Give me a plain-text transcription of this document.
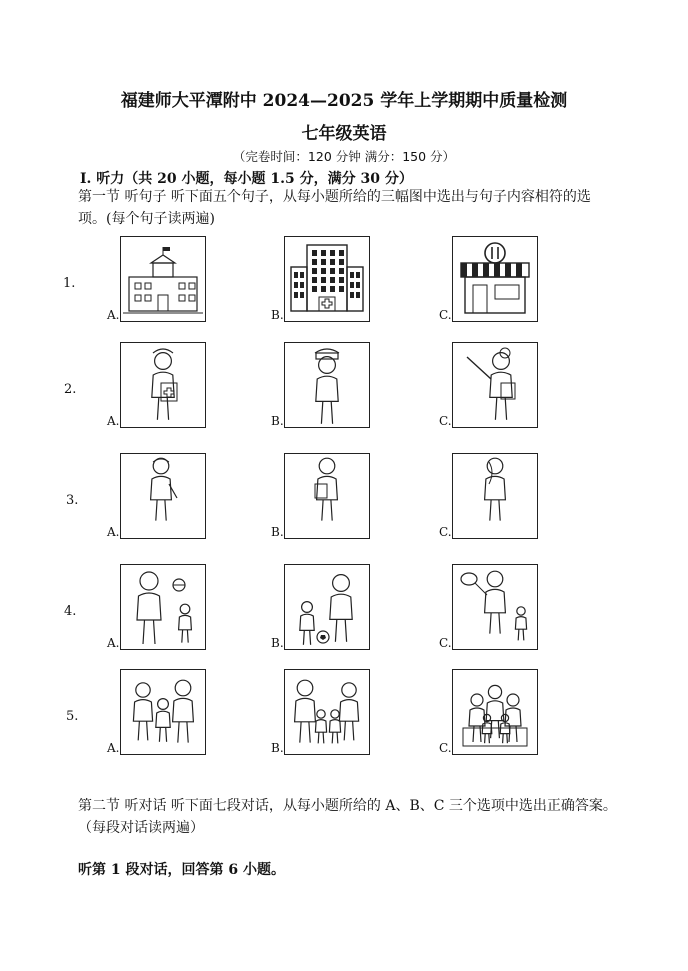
福建师大平潭附中 2024—2025 学年上学期期中质量检测
七年级英语
（完卷时间：120 分钟 满分：150 分）
Ⅰ. 听力（共 20 小题，每小题 1.5 分，满分 30 分）
第一节 听句子 听下面五个句子，从每小题所给的三幅图中选出与句子内容相符的选项。(每个句子读两遍)
1.
A.	B.	C.
2.
A.	B.	C.
3.
A.	B.	C.
4.
A.	B.	C.
5.
A.	B.	C.
第二节 听对话 听下面七段对话，从每小题所给的 A、B、C 三个选项中选出正确答案。（每段对话读两遍）
听第 1 段对话，回答第 6 小题。
